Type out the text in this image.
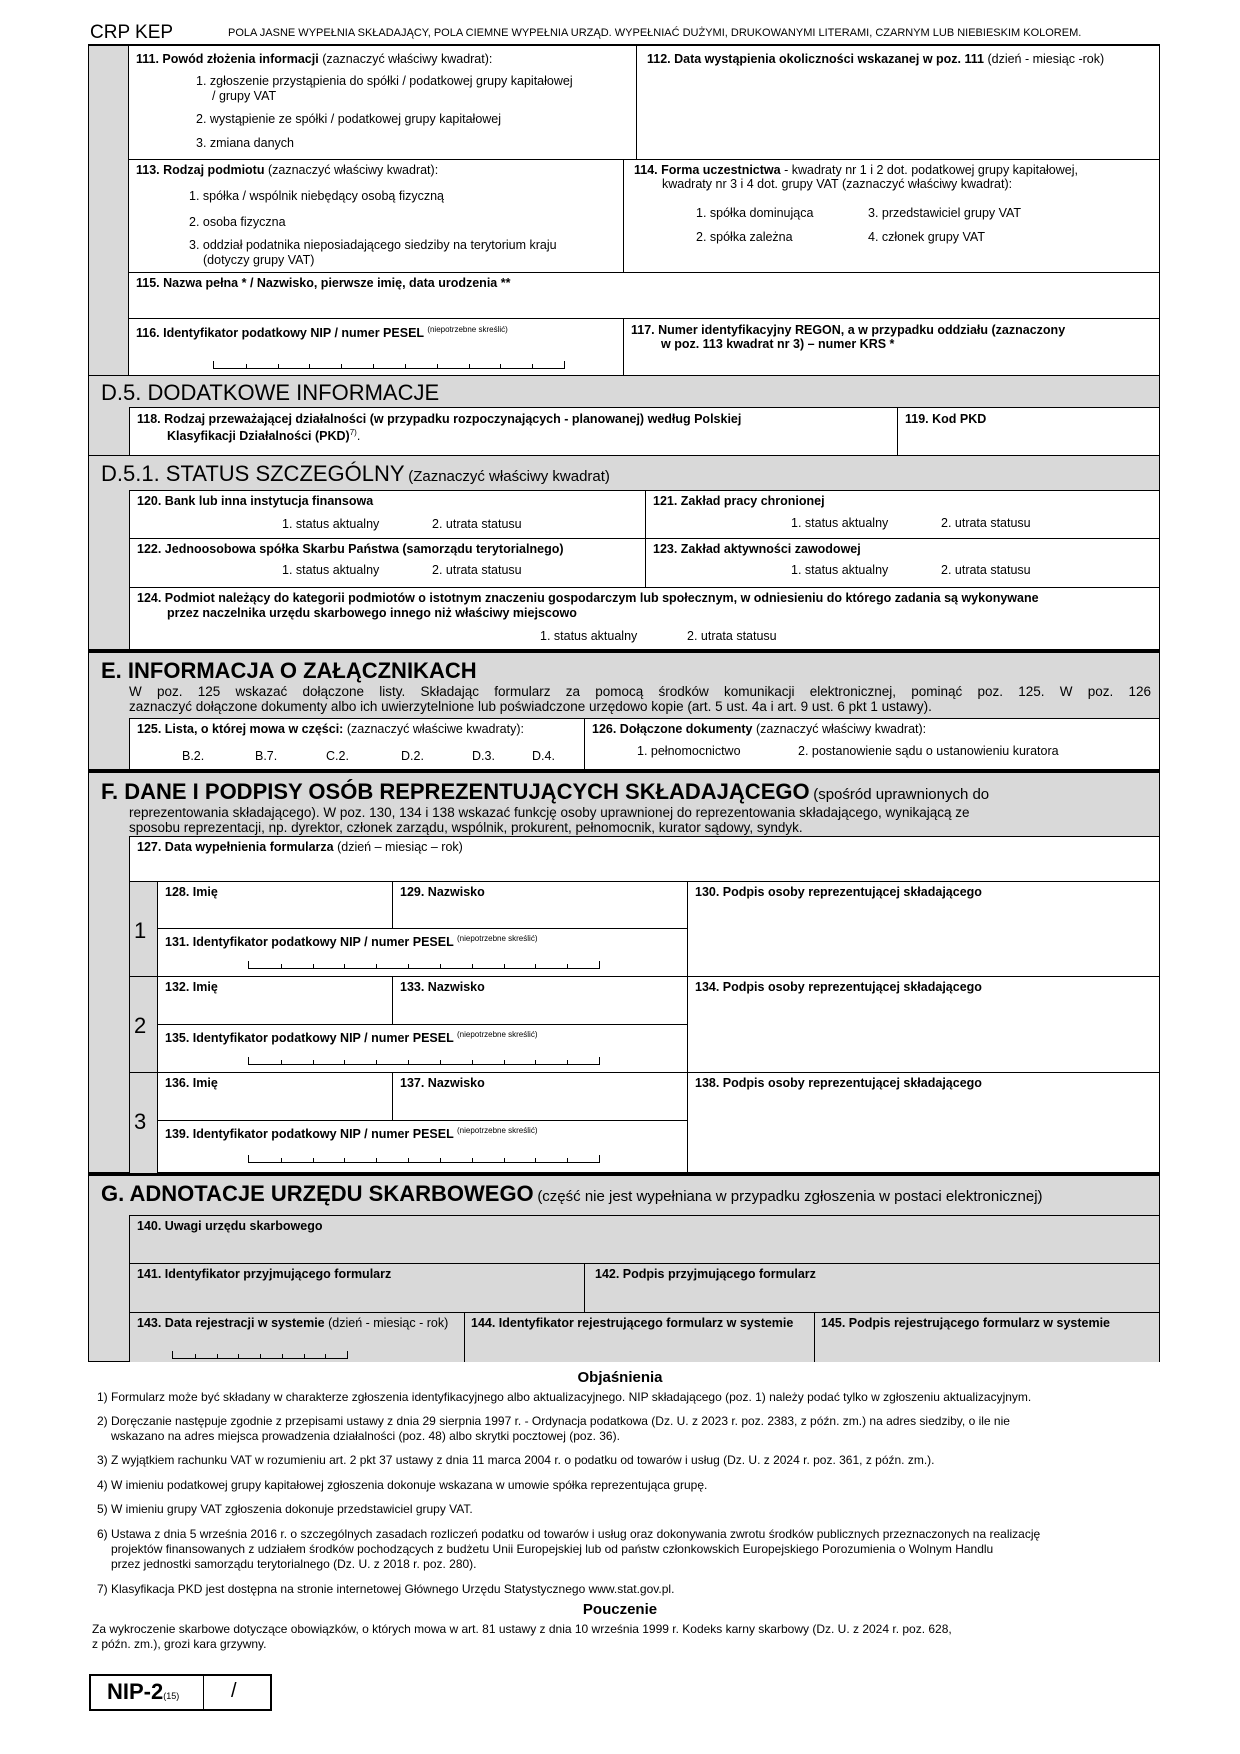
CRP KEP	POLA JASNE WYPEŁNIA SKŁADAJĄCY, POLA CIEMNE WYPEŁNIA URZĄD. WYPEŁNIAĆ DUŻYMI, DRUKOWANYMI LITERAMI, CZARNYM LUB NIEBIESKIM KOLOREM.
111. Powód złożenia informacji (zaznaczyć właściwy kwadrat):
1. zgłoszenie przystąpienia do spółki / podatkowej grupy kapitałowej
/ grupy VAT
2. wystąpienie ze spółki / podatkowej grupy kapitałowej
3. zmiana danych
112. Data wystąpienia okoliczności wskazanej w poz. 111 (dzień - miesiąc -rok)
113. Rodzaj podmiotu (zaznaczyć właściwy kwadrat):
1. spółka / wspólnik niebędący osobą fizyczną
2. osoba fizyczna
3. oddział podatnika nieposiadającego siedziby na terytorium kraju
(dotyczy grupy VAT)
114. Forma uczestnictwa - kwadraty nr 1 i 2 dot. podatkowej grupy kapitałowej,
kwadraty nr 3 i 4 dot. grupy VAT (zaznaczyć właściwy kwadrat):
1. spółka dominująca
2. spółka zależna
3. przedstawiciel grupy VAT
4. członek grupy VAT
115. Nazwa pełna * / Nazwisko, pierwsze imię, data urodzenia **
116. Identyfikator podatkowy NIP / numer PESEL $^{(niepotrzebne skreślić)}$	117. Numer identyfikacyjny REGON, a w przypadku oddziału (zaznaczony
w poz. 113 kwadrat nr 3) – numer KRS *
D.5. DODATKOWE INFORMACJE
118. Rodzaj przeważającej działalności (w przypadku rozpoczynających - planowanej) według Polskiej
Klasyfikacji Działalności (PKD)$^{7)}$.
119. Kod PKD
D.5.1. STATUS SZCZEGÓLNY (Zaznaczyć właściwy kwadrat)
120. Bank lub inna instytucja finansowa
1. status aktualny	2. utrata statusu
121. Zakład pracy chronionej
1. status aktualny	2. utrata statusu
122. Jednoosobowa spółka Skarbu Państwa (samorządu terytorialnego)
1. status aktualny	2. utrata statusu
123. Zakład aktywności zawodowej
1. status aktualny	2. utrata statusu
124. Podmiot należący do kategorii podmiotów o istotnym znaczeniu gospodarczym lub społecznym, w odniesieniu do którego zadania są wykonywane
przez naczelnika urzędu skarbowego innego niż właściwy miejscowo
1. status aktualny	2. utrata statusu
E. INFORMACJA O ZAŁĄCZNIKACH
W poz. 125 wskazać dołączone listy. Składając formularz za pomocą środków komunikacji elektronicznej, pominąć poz. 125. W poz. 126
zaznaczyć dołączone dokumenty albo ich uwierzytelnione lub poświadczone urzędowo kopie (art. 5 ust. 4a i art. 9 ust. 6 pkt 1 ustawy).
125. Lista, o której mowa w części: (zaznaczyć właściwe kwadraty):
B.2.	B.7.	C.2.	D.2.	D.3.	D.4.
126. Dołączone dokumenty (zaznaczyć właściwy kwadrat):
1. pełnomocnictwo	2. postanowienie sądu o ustanowieniu kuratora
F. DANE I PODPISY OSÓB REPREZENTUJĄCYCH SKŁADAJĄCEGO (spośród uprawnionych do
reprezentowania składającego). W poz. 130, 134 i 138 wskazać funkcję osoby uprawnionej do reprezentowania składającego, wynikającą ze
sposobu reprezentacji, np. dyrektor, członek zarządu, wspólnik, prokurent, pełnomocnik, kurator sądowy, syndyk.
127. Data wypełnienia formularza (dzień – miesiąc – rok)
1
128. Imię	129. Nazwisko
131. Identyfikator podatkowy NIP / numer PESEL $^{(niepotrzebne skreślić)}$
130. Podpis osoby reprezentującej składającego
2
132. Imię	133. Nazwisko
135. Identyfikator podatkowy NIP / numer PESEL $^{(niepotrzebne skreślić)}$
134. Podpis osoby reprezentującej składającego
3
136. Imię	137. Nazwisko
139. Identyfikator podatkowy NIP / numer PESEL $^{(niepotrzebne skreślić)}$
138. Podpis osoby reprezentującej składającego
G. ADNOTACJE URZĘDU SKARBOWEGO (część nie jest wypełniana w przypadku zgłoszenia w postaci elektronicznej)
140. Uwagi urzędu skarbowego
141. Identyfikator przyjmującego formularz	142. Podpis przyjmującego formularz
143. Data rejestracji w systemie (dzień - miesiąc - rok) 144. Identyfikator rejestrującego formularz w systemie 145. Podpis rejestrującego formularz w systemie
Objaśnienia
1) Formularz może być składany w charakterze zgłoszenia identyfikacyjnego albo aktualizacyjnego. NIP składającego (poz. 1) należy podać tylko w zgłoszeniu aktualizacyjnym.
2) Doręczanie następuje zgodnie z przepisami ustawy z dnia 29 sierpnia 1997 r. - Ordynacja podatkowa (Dz. U. z 2023 r. poz. 2383, z późn. zm.) na adres siedziby, o ile nie
wskazano na adres miejsca prowadzenia działalności (poz. 48) albo skrytki pocztowej (poz. 36).
3) Z wyjątkiem rachunku VAT w rozumieniu art. 2 pkt 37 ustawy z dnia 11 marca 2004 r. o podatku od towarów i usług (Dz. U. z 2024 r. poz. 361, z późn. zm.).
4) W imieniu podatkowej grupy kapitałowej zgłoszenia dokonuje wskazana w umowie spółka reprezentująca grupę.
5) W imieniu grupy VAT zgłoszenia dokonuje przedstawiciel grupy VAT.
6) Ustawa z dnia 5 września 2016 r. o szczególnych zasadach rozliczeń podatku od towarów i usług oraz dokonywania zwrotu środków publicznych przeznaczonych na realizację
projektów finansowanych z udziałem środków pochodzących z budżetu Unii Europejskiej lub od państw członkowskich Europejskiego Porozumienia o Wolnym Handlu
przez jednostki samorządu terytorialnego (Dz. U. z 2018 r. poz. 280).
7) Klasyfikacja PKD jest dostępna na stronie internetowej Głównego Urzędu Statystycznego www.stat.gov.pl.
Pouczenie
Za wykroczenie skarbowe dotyczące obowiązków, o których mowa w art. 81 ustawy z dnia 10 września 1999 r. Kodeks karny skarbowy (Dz. U. z 2024 r. poz. 628,
z późn. zm.), grozi kara grzywny.
NIP-2(15)	/
